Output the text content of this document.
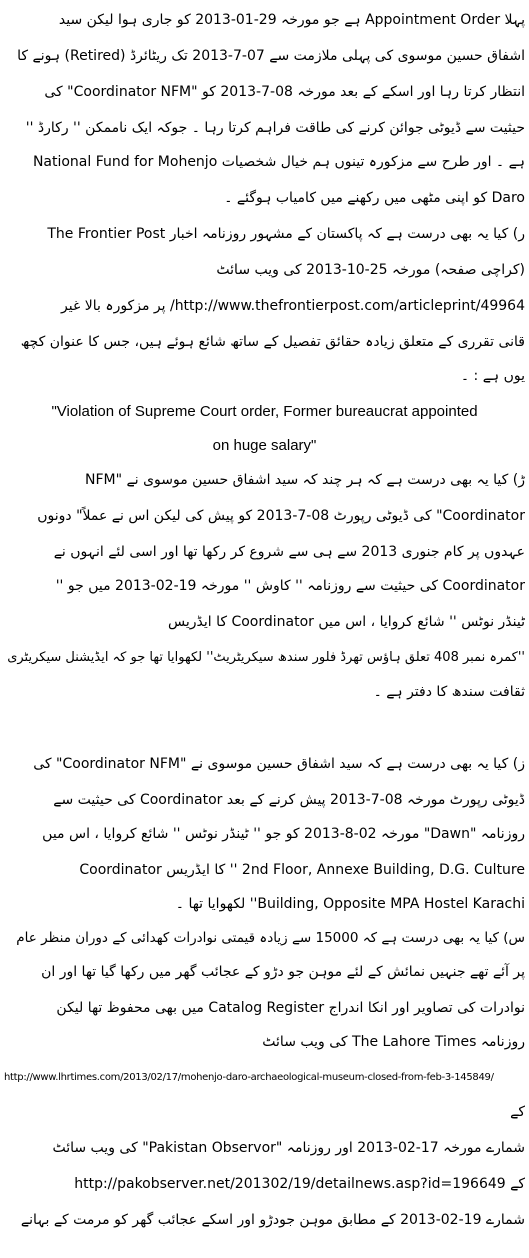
پہلا Appointment Order ہے جو مورخہ 29-01-2013 کو جاری ہوا لیکن سید
اشفاق حسین موسوی کی پہلی ملازمت سے 07-7-2013 تک ریٹائرڈ (Retired) ہونے کا
انتظار کرتا رہا اور اسکے کے بعد مورخہ 08-7-2013 کو "Coordinator NFM" کی
حیثیت سے ڈیوٹی جوائن کرنے کی طاقت فراہم کرتا رہا ۔ جوکہ ایک ناممکن '' رکارڈ ''
ہے ۔ اور طرح سے مزکورہ تینوں ہم خیال شخصیات National Fund for Mohenjo
Daro کو اپنی مٹھی میں رکھنے میں کامیاب ہوگئے ۔
ر) کیا یہ بھی درست ہے کہ پاکستان کے مشہور روزنامہ اخبار The Frontier Post
(کراچی صفحہ) مورخہ 25-10-2013 کی ویب سائٹ
http://www.thefrontierpost.com/articleprint/49964/ پر مزکورہ بالا غیر
قانی تقرری کے متعلق زیادہ حقائق تفصیل کے ساتھ شائع ہوئے ہیں، جس کا عنوان کچھ
یوں ہے : ۔
"Violation of Supreme Court order, Former bureaucrat appointed
on huge salary"
ڑ) کیا یہ بھی درست ہے کہ ہر چند کہ سید اشفاق حسین موسوی نے "NFM
Coordinator" کی ڈیوٹی رپورٹ 08-7-2013 کو پیش کی لیکن اس نے عملاً" دونوں
عہدوں پر کام جنوری 2013 سے ہی سے شروع کر رکھا تھا اور اسی لئے انہوں نے
Coordinator کی حیثیت سے روزنامہ '' کاوش '' مورخہ 19-02-2013 میں جو ''
ٹینڈر نوٹس '' شائع کروایا ، اس میں Coordinator کا ایڈریس
''کمرہ نمبر 408 تعلق ہاؤس تھرڈ فلور سندھ سیکریٹریٹ'' لکھوایا تھا جو کہ ایڈیشنل سیکریٹری
ثقافت سندھ کا دفتر ہے ۔
ز) کیا یہ بھی درست ہے کہ سید اشفاق حسین موسوی نے "Coordinator NFM" کی
ڈیوٹی رپورٹ مورخہ 08-7-2013 پیش کرنے کے بعد Coordinator کی حیثیت سے
روزنامہ "Dawn" مورخہ 02-8-2013 کو جو '' ٹینڈر نوٹس '' شائع کروایا ، اس میں
2nd Floor, Annexe Building, D.G. Culture '' کا ایڈریس Coordinator
Building, Opposite MPA Hostel Karachi'' لکھوایا تھا ۔
س) کیا یہ بھی درست ہے کہ 15000 سے زیادہ قیمتی نوادرات کھدائی کے دوران منظر عام
پر آئے تھے جنہیں نمائش کے لئے موہن جو دڑو کے عجائب گھر میں رکھا گیا تھا اور ان
نوادرات کی تصاویر اور انکا اندراج Catalog Register میں بھی محفوظ تھا لیکن
روزنامہ The Lahore Times کی ویب سائٹ
http://www.lhrtimes.com/2013/02/17/mohenjo-daro-archaeological-museum-closed-from-feb-3-145849/
کے
شمارے مورخہ 17-02-2013 اور روزنامہ "Pakistan Observor" کی ویب سائٹ
کے http://pakobserver.net/201302/19/detailnews.asp?id=196649
شمارے 19-02-2013 کے مطابق موہن جودڑو اور اسکے عجائب گھر کو مرمت کے بہانے
